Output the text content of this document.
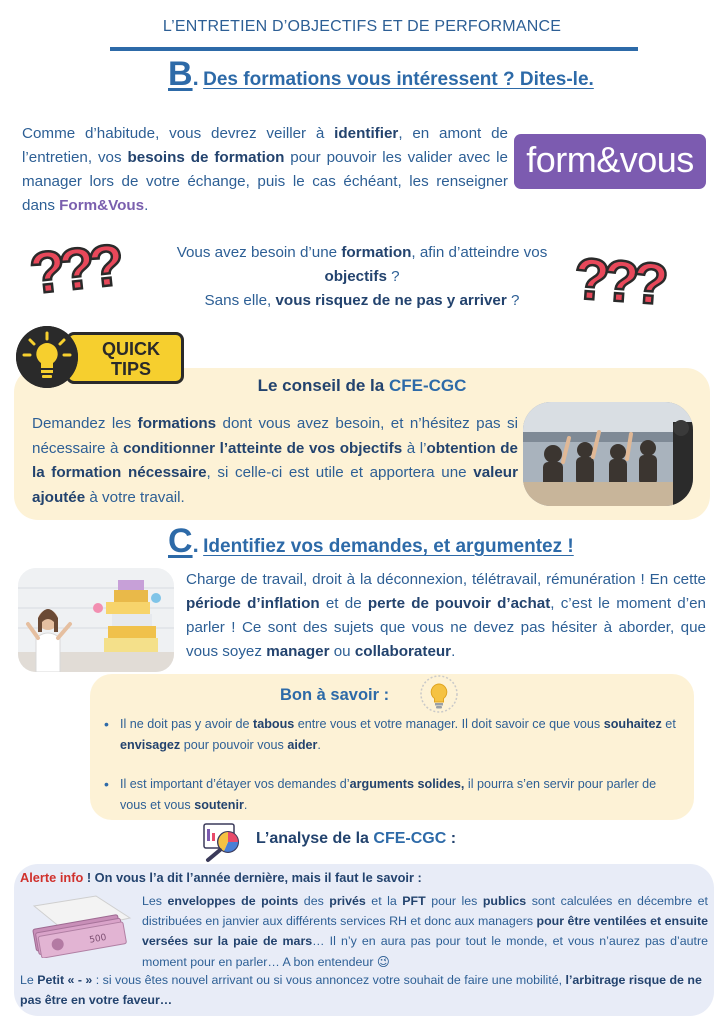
L’ENTRETIEN D’OBJECTIFS ET DE PERFORMANCE
B. Des formations vous intéressent ? Dites-le.

Comme d’habitude, vous devrez veiller à identifier, en amont de l’entretien, vos besoins de formation pour pouvoir les valider avec le manager lors de votre échange, puis le cas échéant, les renseigner dans Form&Vous.

form&vous
???	???
Vous avez besoin d’une formation, afin d’atteindre vos objectifs ?
Sans elle, vous risquez de ne pas y arriver ?
QUICK
TIPS
Le conseil de la CFE-CGC

Demandez les formations dont vous avez besoin, et n’hésitez pas si nécessaire à conditionner l’atteinte de vos objectifs à l’obtention de la formation nécessaire, si celle-ci est utile et apportera une valeur ajoutée à votre travail.

C. Identifiez vos demandes, et argumentez !

Charge de travail, droit à la déconnexion, télétravail, rémunération ! En cette période d’inflation et de perte de pouvoir d’achat, c’est le moment d’en parler ! Ce sont des sujets que vous ne devez pas hésiter à aborder, que vous soyez manager ou collaborateur.

Bon à savoir :
• Il ne doit pas y avoir de tabous entre vous et votre manager. Il doit savoir ce que vous souhaitez et envisagez pour pouvoir vous aider.
• Il est important d’étayer vos demandes d’arguments solides, il pourra s’en servir pour parler de vous et vous soutenir.
L’analyse de la CFE-CGC :
Alerte info ! On vous l’a dit l’année dernière, mais il faut le savoir :
500

Les enveloppes de points des privés et la PFT pour les publics sont calculées en décembre et distribuées en janvier aux différents services RH et donc aux managers pour être ventilées et ensuite versées sur la paie de mars… Il n’y en aura pas pour tout le monde, et vous n’aurez pas d’autre moment pour en parler… A bon entendeur 😉

Le Petit « - » : si vous êtes nouvel arrivant ou si vous annoncez votre souhait de faire une mobilité, l’arbitrage risque de ne pas être en votre faveur…
